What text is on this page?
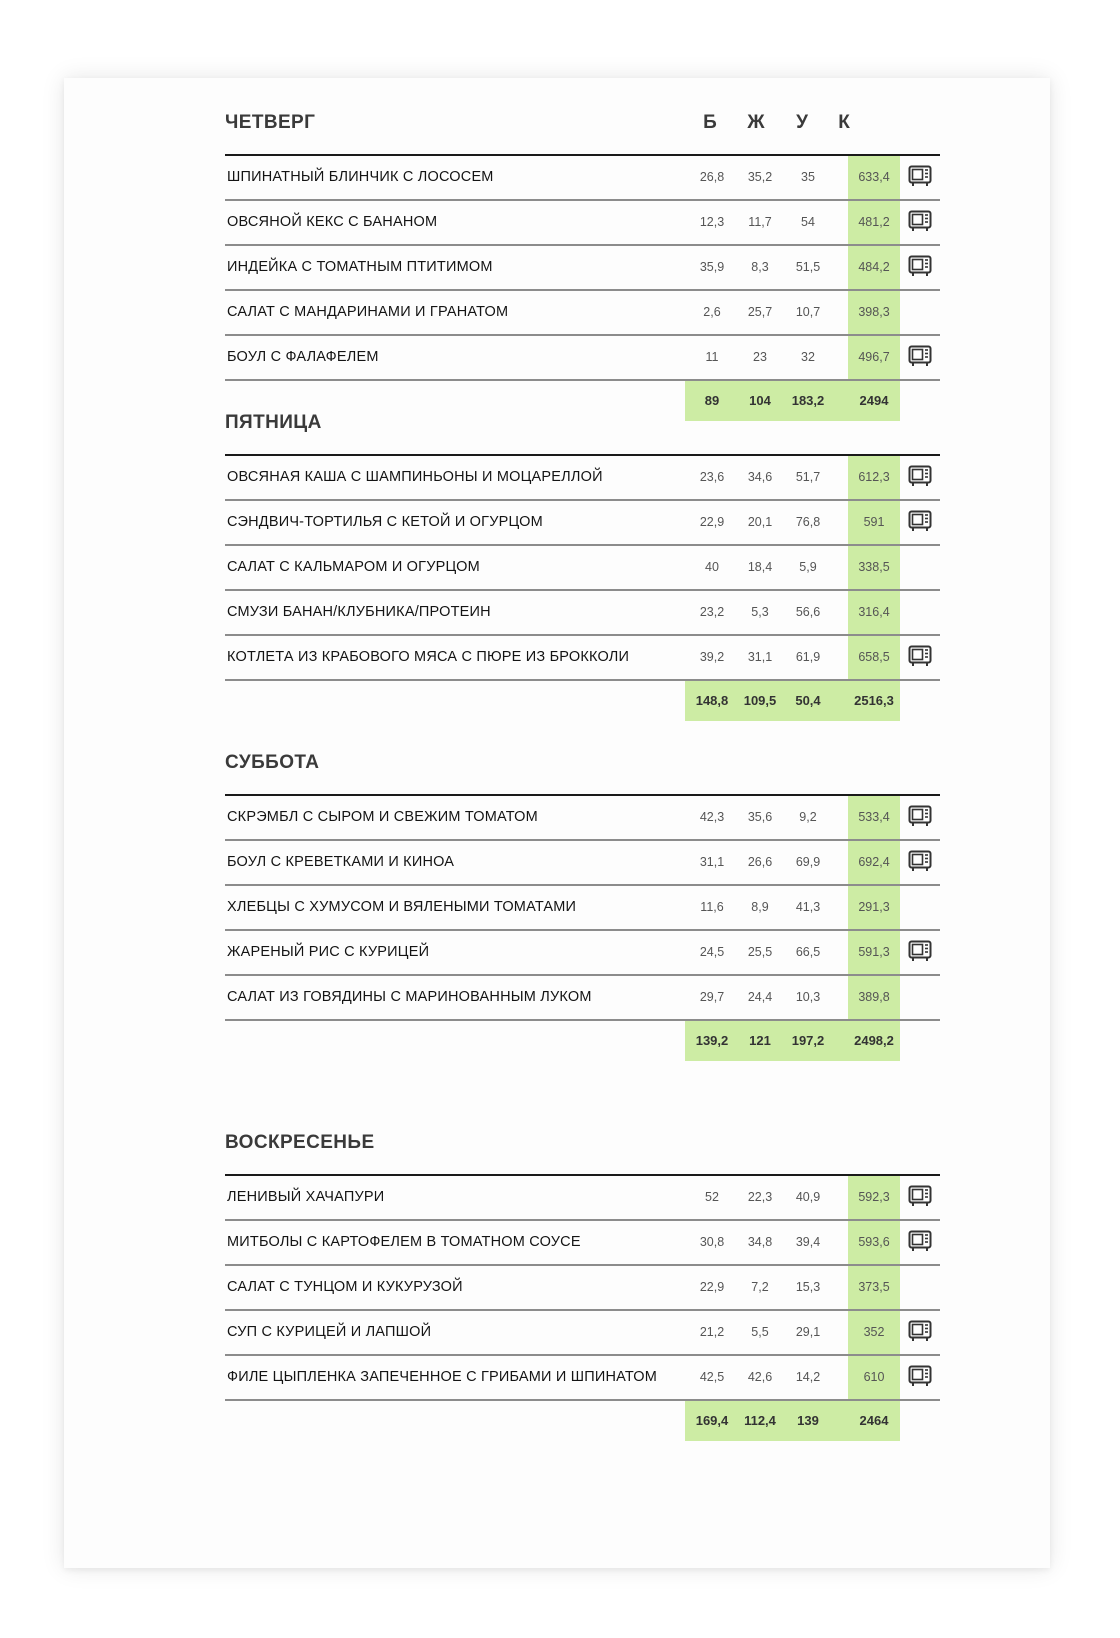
ЧЕТВЕРГ	Б	Ж	У	К
ШПИНАТНЫЙ БЛИНЧИК С ЛОСОСЕМ	26,8	35,2	35	633,4
ОВСЯНОЙ КЕКС С БАНАНОМ	12,3	11,7	54	481,2
ИНДЕЙКА С ТОМАТНЫМ ПТИТИМОМ	35,9	8,3	51,5	484,2
САЛАТ С МАНДАРИНАМИ И ГРАНАТОМ	2,6	25,7	10,7	398,3
БОУЛ С ФАЛАФЕЛЕМ	11	23	32	496,7
89	104	183,2	2494
ПЯТНИЦА
ОВСЯНАЯ КАША С ШАМПИНЬОНЫ И МОЦАРЕЛЛОЙ	23,6	34,6	51,7	612,3
СЭНДВИЧ-ТОРТИЛЬЯ С КЕТОЙ И ОГУРЦОМ	22,9	20,1	76,8	591
САЛАТ С КАЛЬМАРОМ И ОГУРЦОМ	40	18,4	5,9	338,5
СМУЗИ БАНАН/КЛУБНИКА/ПРОТЕИН	23,2	5,3	56,6	316,4
КОТЛЕТА ИЗ КРАБОВОГО МЯСА С ПЮРЕ ИЗ БРОККОЛИ	39,2	31,1	61,9	658,5
148,8	109,5	50,4	2516,3
СУББОТА
СКРЭМБЛ С СЫРОМ И СВЕЖИМ ТОМАТОМ	42,3	35,6	9,2	533,4
БОУЛ С КРЕВЕТКАМИ И КИНОА	31,1	26,6	69,9	692,4
ХЛЕБЦЫ С ХУМУСОМ И ВЯЛЕНЫМИ ТОМАТАМИ	11,6	8,9	41,3	291,3
ЖАРЕНЫЙ РИС С КУРИЦЕЙ	24,5	25,5	66,5	591,3
САЛАТ ИЗ ГОВЯДИНЫ С МАРИНОВАННЫМ ЛУКОМ	29,7	24,4	10,3	389,8
139,2	121	197,2	2498,2
ВОСКРЕСЕНЬЕ
ЛЕНИВЫЙ ХАЧАПУРИ	52	22,3	40,9	592,3
МИТБОЛЫ С КАРТОФЕЛЕМ В ТОМАТНОМ СОУСЕ	30,8	34,8	39,4	593,6
САЛАТ С ТУНЦОМ И КУКУРУЗОЙ	22,9	7,2	15,3	373,5
СУП С КУРИЦЕЙ И ЛАПШОЙ	21,2	5,5	29,1	352
ФИЛЕ ЦЫПЛЕНКА ЗАПЕЧЕННОЕ С ГРИБАМИ И ШПИНАТОМ	42,5	42,6	14,2	610
169,4	112,4	139	2464
